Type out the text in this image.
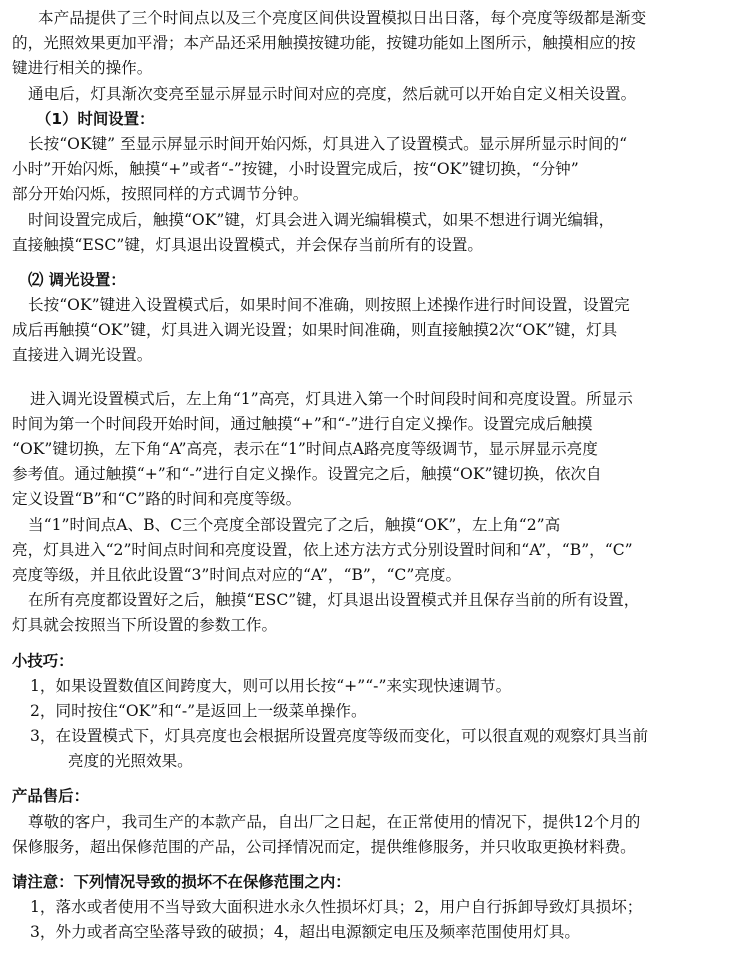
本产品提供了三个时间点以及三个亮度区间供设置模拟日出日落，每个亮度等级都是渐变
的，光照效果更加平滑；本产品还采用触摸按键功能，按键功能如上图所示，触摸相应的按
键进行相关的操作。
通电后，灯具渐次变亮至显示屏显示时间对应的亮度，然后就可以开始自定义相关设置。
（1）时间设置：
长按“OK键” 至显示屏显示时间开始闪烁，灯具进入了设置模式。显示屏所显示时间的“
小时”开始闪烁，触摸“+”或者“-”按键，小时设置完成后，按“OK”键切换，“分钟”
部分开始闪烁，按照同样的方式调节分钟。
时间设置完成后，触摸“OK”键，灯具会进入调光编辑模式，如果不想进行调光编辑，
直接触摸“ESC”键，灯具退出设置模式，并会保存当前所有的设置。
⑵ 调光设置：
长按“OK”键进入设置模式后，如果时间不准确，则按照上述操作进行时间设置，设置完
成后再触摸“OK”键，灯具进入调光设置；如果时间准确，则直接触摸2次“OK”键，灯具
直接进入调光设置。
进入调光设置模式后，左上角“1”高亮，灯具进入第一个时间段时间和亮度设置。所显示
时间为第一个时间段开始时间，通过触摸“+”和“-”进行自定义操作。设置完成后触摸
“OK”键切换，左下角“A”高亮，表示在“1”时间点A路亮度等级调节，显示屏显示亮度
参考值。通过触摸“+”和“-”进行自定义操作。设置完之后，触摸“OK”键切换，依次自
定义设置“B”和“C”路的时间和亮度等级。
当“1”时间点A、B、C三个亮度全部设置完了之后，触摸“OK”，左上角“2”高
亮，灯具进入“2”时间点时间和亮度设置，依上述方法方式分别设置时间和“A”，“B”，“C”
亮度等级，并且依此设置“3”时间点对应的“A”，“B”，“C”亮度。
在所有亮度都设置好之后，触摸“ESC”键，灯具退出设置模式并且保存当前的所有设置，
灯具就会按照当下所设置的参数工作。
小技巧：
1，如果设置数值区间跨度大，则可以用长按“+”“-”来实现快速调节。
2，同时按住“OK”和“-”是返回上一级菜单操作。
3，在设置模式下，灯具亮度也会根据所设置亮度等级而变化，可以很直观的观察灯具当前
亮度的光照效果。
产品售后：
尊敬的客户，我司生产的本款产品，自出厂之日起，在正常使用的情况下，提供12个月的
保修服务，超出保修范围的产品，公司择情况而定，提供维修服务，并只收取更换材料费。
请注意：下列情况导致的损坏不在保修范围之内：
1，落水或者使用不当导致大面积进水永久性损坏灯具；2，用户自行拆卸导致灯具损坏；
3，外力或者高空坠落导致的破损；4，超出电源额定电压及频率范围使用灯具。
